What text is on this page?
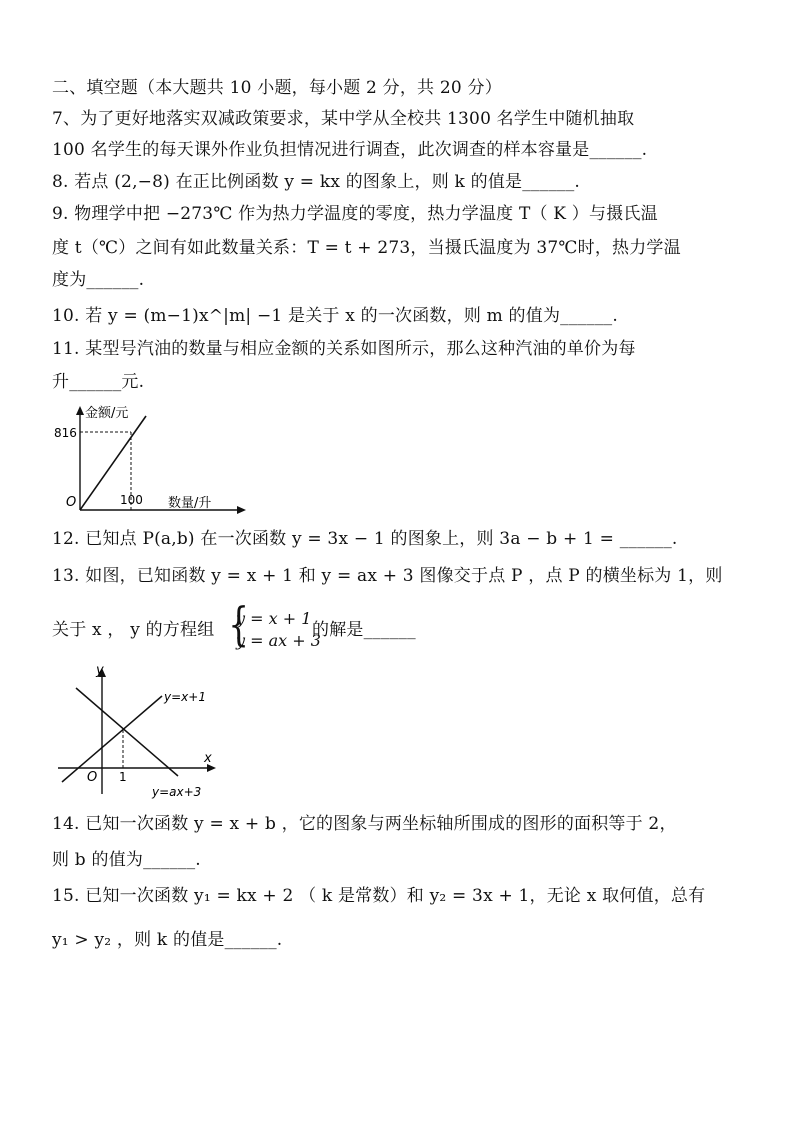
二、填空题（本大题共 10 小题，每小题 2 分，共 20 分）
7、为了更好地落实双减政策要求，某中学从全校共 1300 名学生中随机抽取
100 名学生的每天课外作业负担情况进行调查，此次调查的样本容量是______.
8. 若点 (2,−8) 在正比例函数 y = kx 的图象上，则 k 的值是______.
9. 物理学中把 −273℃ 作为热力学温度的零度，热力学温度 T（ K ）与摄氏温
度 t（℃）之间有如此数量关系：T = t + 273，当摄氏温度为 37℃时，热力学温
度为______.
10. 若 y = (m−1)x^|m| −1 是关于 x 的一次函数，则 m 的值为______.
11. 某型号汽油的数量与相应金额的关系如图所示，那么这种汽油的单价为每
升______元.
金额/元
816
O	100 数量/升
12. 已知点 P(a,b) 在一次函数 y = 3x − 1 的图象上，则 3a − b + 1 = ______.
13. 如图，已知函数 y = x + 1 和 y = ax + 3 图像交于点 P ，点 P 的横坐标为 1，则
关于 x ， y 的方程组 {
y = x + 1
y = ax + 3
的解是______
y
x
O 1
y=x+1
y=ax+3
14. 已知一次函数 y = x + b ，它的图象与两坐标轴所围成的图形的面积等于 2，
则 b 的值为______.
15. 已知一次函数 y₁ = kx + 2 （ k 是常数）和 y₂ = 3x + 1，无论 x 取何值，总有
y₁ > y₂ ，则 k 的值是______.
